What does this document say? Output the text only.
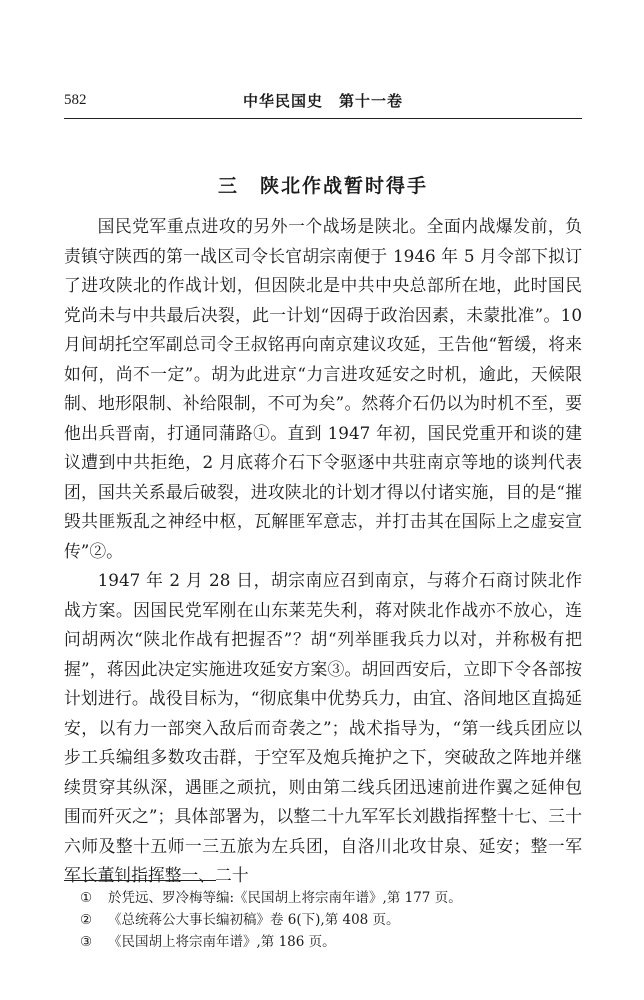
582	中华民国史　第十一卷
三　陕北作战暂时得手

国民党军重点进攻的另外一个战场是陕北。全面内战爆发前，负责镇守陕西的第一战区司令长官胡宗南便于 1946 年 5 月令部下拟订了进攻陕北的作战计划，但因陕北是中共中央总部所在地，此时国民党尚未与中共最后决裂，此一计划“因碍于政治因素，未蒙批准”。10 月间胡托空军副总司令王叔铭再向南京建议攻延，王告他“暂缓，将来如何，尚不一定”。胡为此进京“力言进攻延安之时机，逾此，天候限制、地形限制、补给限制，不可为矣”。然蒋介石仍以为时机不至，要他出兵晋南，打通同蒲路①。直到 1947 年初，国民党重开和谈的建议遭到中共拒绝，2 月底蒋介石下令驱逐中共驻南京等地的谈判代表团，国共关系最后破裂，进攻陕北的计划才得以付诸实施，目的是“摧毁共匪叛乱之神经中枢，瓦解匪军意志，并打击其在国际上之虚妄宣传”②。

1947 年 2 月 28 日，胡宗南应召到南京，与蒋介石商讨陕北作战方案。因国民党军刚在山东莱芜失利，蒋对陕北作战亦不放心，连问胡两次“陕北作战有把握否”？胡“列举匪我兵力以对，并称极有把握”，蒋因此决定实施进攻延安方案③。胡回西安后，立即下令各部按计划进行。战役目标为，“彻底集中优势兵力，由宜、洛间地区直捣延安，以有力一部突入敌后而奇袭之”；战术指导为，“第一线兵团应以步工兵编组多数攻击群，于空军及炮兵掩护之下，突破敌之阵地并继续贯穿其纵深，遇匪之顽抗，则由第二线兵团迅速前进作翼之延伸包围而歼灭之”；具体部署为，以整二十九军军长刘戡指挥整十七、三十六师及整十五师一三五旅为左兵团，自洛川北攻甘泉、延安；整一军军长董钊指挥整一、二十

①	於凭远、罗冷梅等编:《民国胡上将宗南年谱》,第 177 页。
②	《总统蒋公大事长编初稿》卷 6(下),第 408 页。
③	《民国胡上将宗南年谱》,第 186 页。
